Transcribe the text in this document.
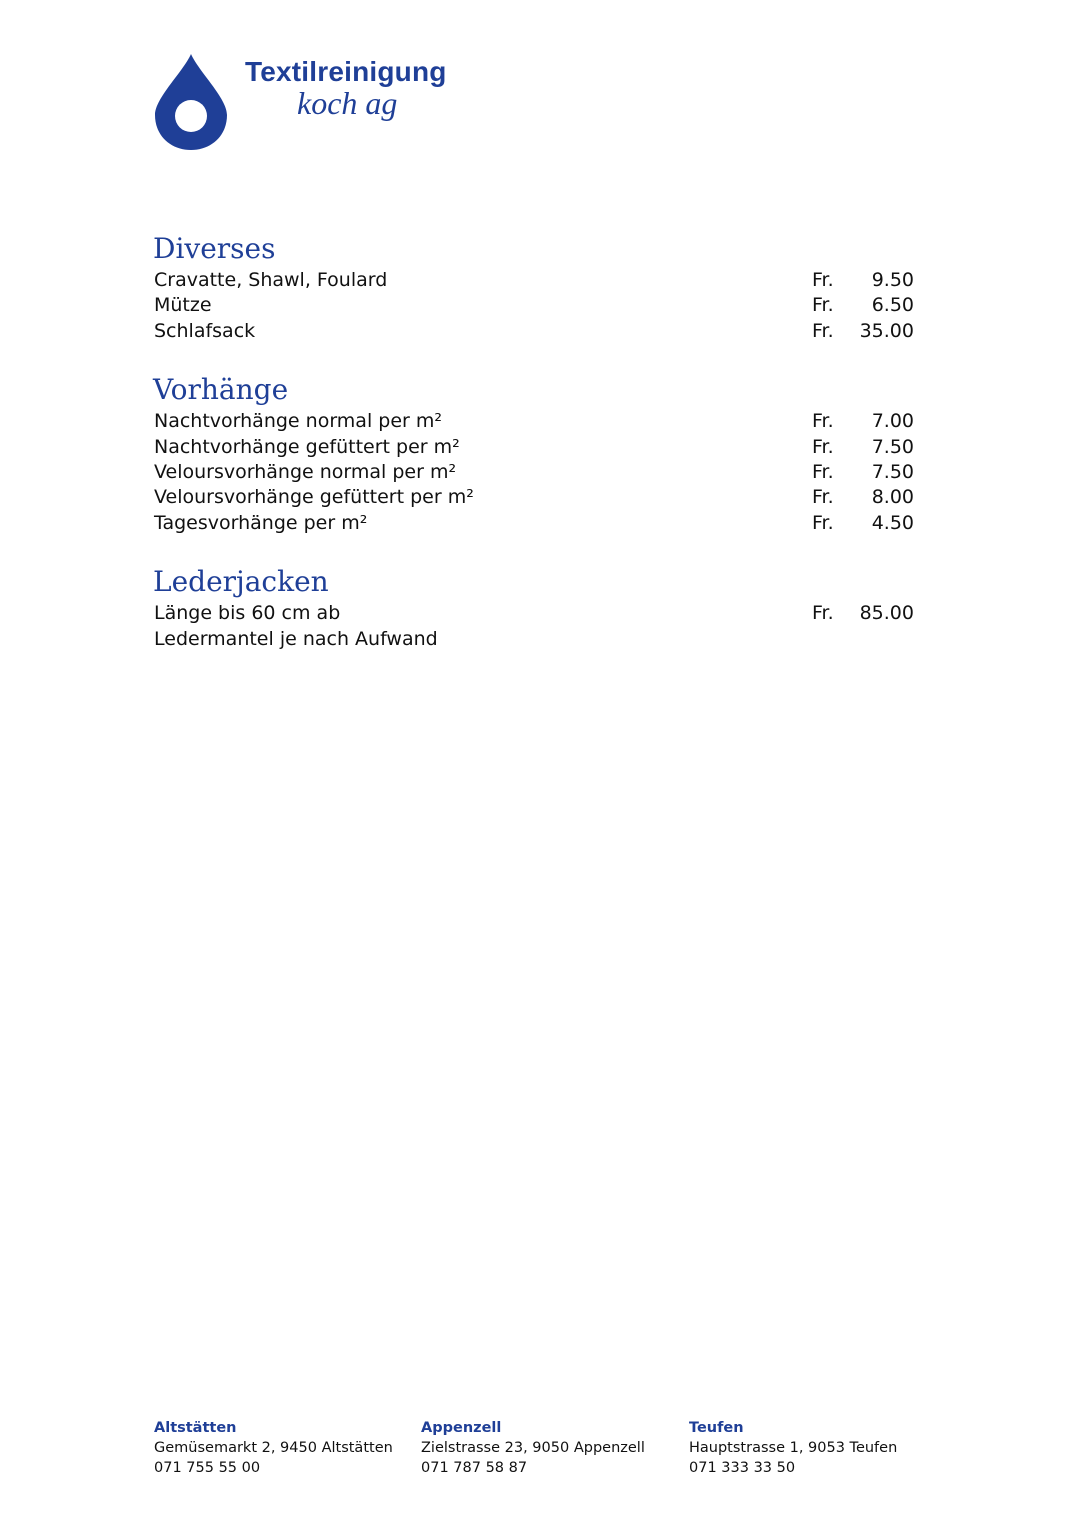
Textilreinigung
koch ag
Diverses
Cravatte, Shawl, Foulard	Fr.	9.50
Mütze	Fr.	6.50
Schlafsack	Fr.	35.00
Vorhänge
Nachtvorhänge normal per m²	Fr.	7.00
Nachtvorhänge gefüttert per m²	Fr.	7.50
Veloursvorhänge normal per m²	Fr.	7.50
Veloursvorhänge gefüttert per m²	Fr.	8.00
Tagesvorhänge per m²	Fr.	4.50
Lederjacken
Länge bis 60 cm ab	Fr.	85.00
Ledermantel je nach Aufwand
Altstätten
Gemüsemarkt 2, 9450 Altstätten
071 755 55 00
Appenzell
Zielstrasse 23, 9050 Appenzell
071 787 58 87
Teufen
Hauptstrasse 1, 9053 Teufen
071 333 33 50
